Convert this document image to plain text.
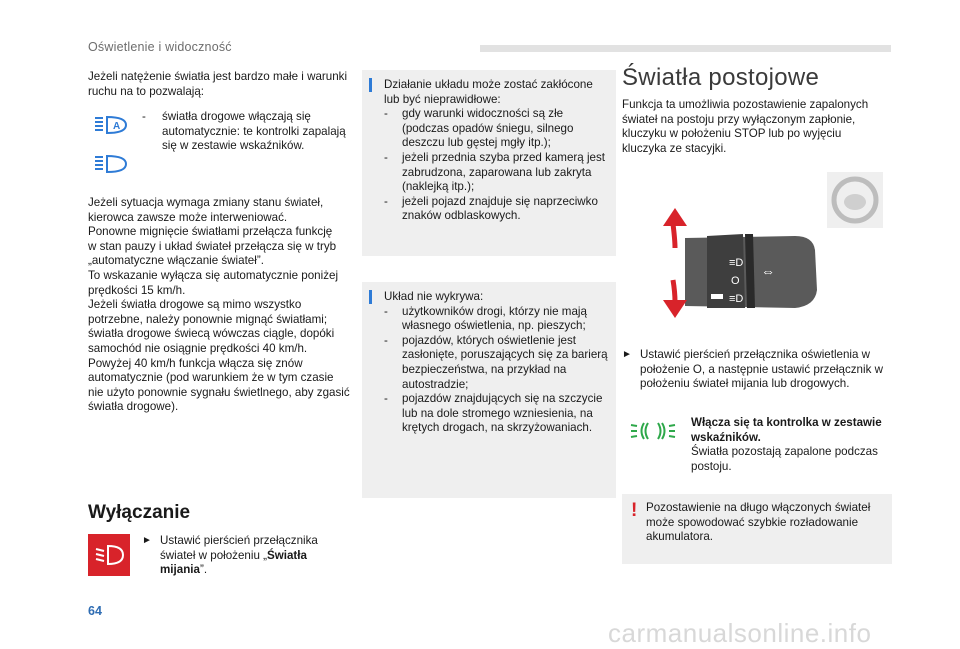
Oświetlenie i widoczność
Jeżeli natężenie światła jest bardzo małe i warunki ruchu na to pozwalają:
A
- światła drogowe włączają się automatycznie: te kontrolki zapalają się w zestawie wskaźników.

Jeżeli sytuacja wymaga zmiany stanu świateł,

kierowca zawsze może interweniować.

Ponowne mignięcie światłami przełącza funkcję

w stan pauzy i układ świateł przełącza się w tryb

„automatyczne włączanie świateł”.

To wskazanie wyłącza się automatycznie poniżej

prędkości 15 km/h.

Jeżeli światła drogowe są mimo wszystko

potrzebne, należy ponownie mignąć światłami;

światła drogowe świecą wówczas ciągle, dopóki

samochód nie osiągnie prędkości 40 km/h.

Powyżej 40 km/h funkcja włącza się znów

automatycznie (pod warunkiem że w tym czasie

nie użyto ponownie sygnału świetlnego, aby zgasić

światła drogowe).

Wyłączanie
► Ustawić pierścień przełącznika świateł w położeniu „Światła mijania”.

Działanie układu może zostać zakłócone lub być nieprawidłowe:

- gdy warunki widoczności są złe (podczas opadów śniegu, silnego deszczu lub gęstej mgły itp.);
- jeżeli przednia szyba przed kamerą jest zabrudzona, zaparowana lub zakryta (naklejką itp.);
- jeżeli pojazd znajduje się naprzeciwko znaków odblaskowych.

Układ nie wykrywa:

- użytkowników drogi, którzy nie mają własnego oświetlenia, np. pieszych;
- pojazdów, których oświetlenie jest zasłonięte, poruszających się za barierą bezpieczeństwa, na przykład na autostradzie;
- pojazdów znajdujących się na szczycie lub na dole stromego wzniesienia, na krętych drogach, na skrzyżowaniach.
Światła postojowe
Funkcja ta umożliwia pozostawienie zapalonych świateł na postoju przy wyłączonym zapłonie, kluczyku w położeniu STOP lub po wyjęciu kluczyka ze stacyjki.
◀ ≡D
◀ ≡D
≡D
O
≡D
⇔
► Ustawić pierścień przełącznika oświetlenia w położenie O, a następnie ustawić przełącznik w położeniu świateł mijania lub drogowych.

Włącza się ta kontrolka w zestawie wskaźników.

Światła pozostają zapalone podczas postoju.

! Pozostawienie na długo włączonych świateł może spowodować szybkie rozładowanie akumulatora.
64
carmanualsonline.info
